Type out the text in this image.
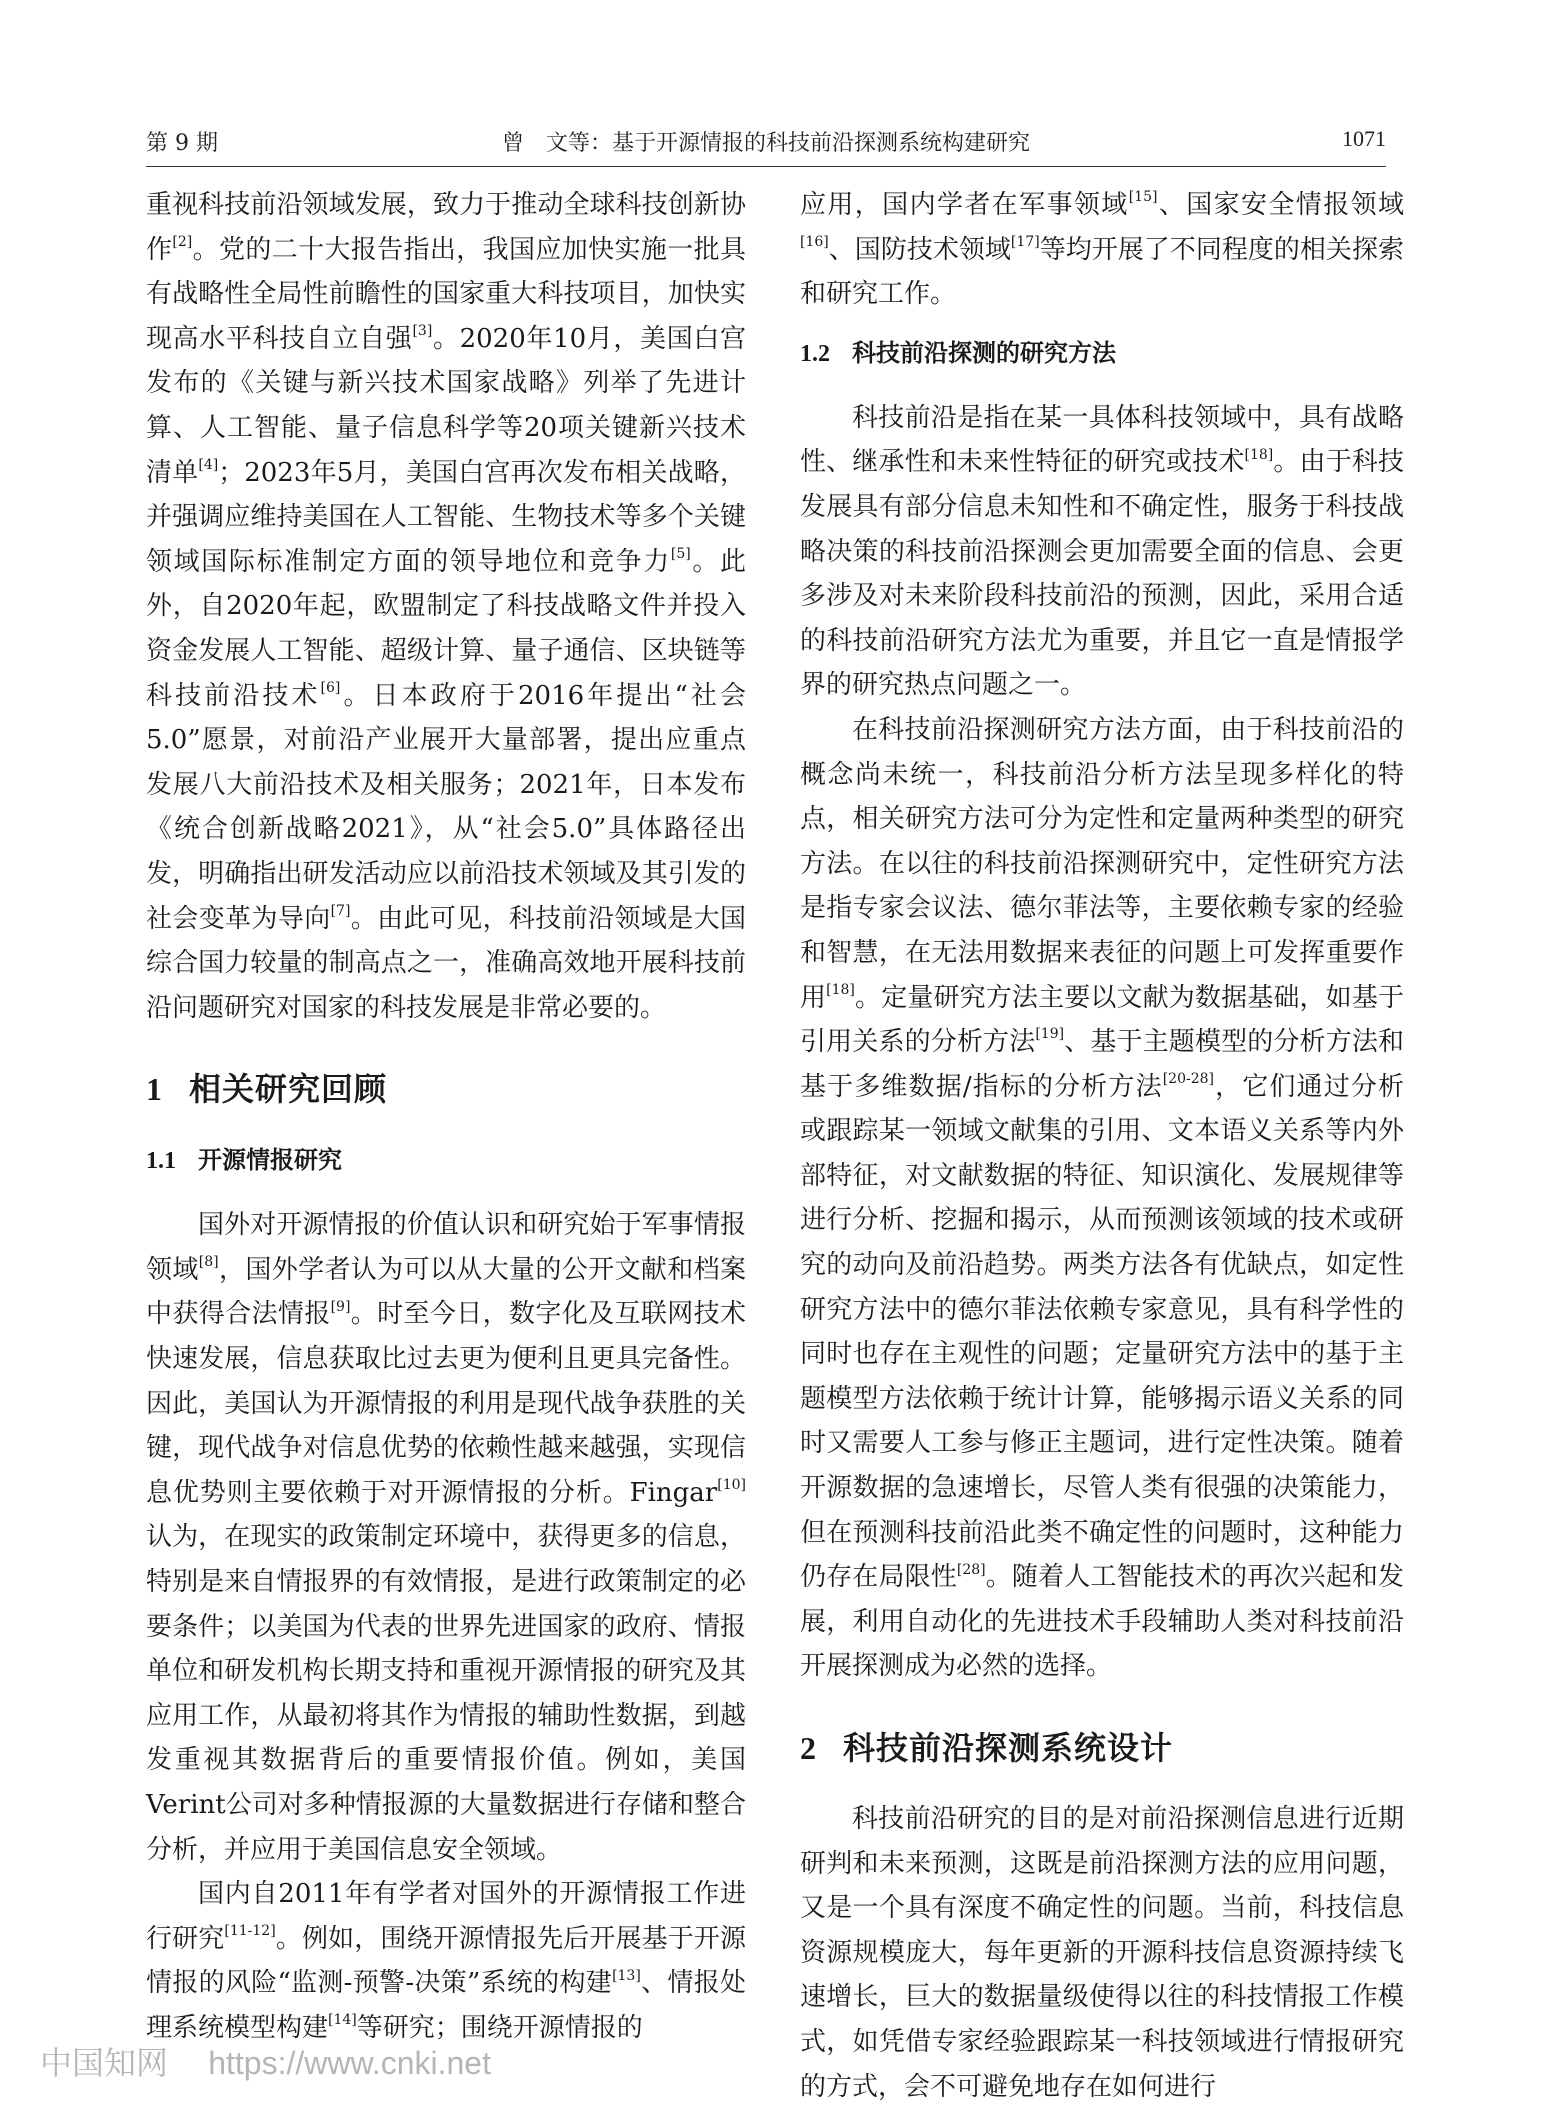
第 9 期	曾　文等：基于开源情报的科技前沿探测系统构建研究	1071

重视科技前沿领域发展，致力于推动全球科技创新协作[2]。党的二十大报告指出，我国应加快实施一批具有战略性全局性前瞻性的国家重大科技项目，加快实现高水平科技自立自强[3]。2020年10月，美国白宫发布的《关键与新兴技术国家战略》列举了先进计算、人工智能、量子信息科学等20项关键新兴技术清单[4]；2023年5月，美国白宫再次发布相关战略，并强调应维持美国在人工智能、生物技术等多个关键领域国际标准制定方面的领导地位和竞争力[5]。此外，自2020年起，欧盟制定了科技战略文件并投入资金发展人工智能、超级计算、量子通信、区块链等科技前沿技术[6]。日本政府于2016年提出“社会5.0”愿景，对前沿产业展开大量部署，提出应重点发展八大前沿技术及相关服务；2021年，日本发布《统合创新战略2021》，从“社会5.0”具体路径出发，明确指出研发活动应以前沿技术领域及其引发的社会变革为导向[7]。由此可见，科技前沿领域是大国综合国力较量的制高点之一，准确高效地开展科技前沿问题研究对国家的科技发展是非常必要的。

1 相关研究回顾
1.1 开源情报研究

国外对开源情报的价值认识和研究始于军事情报领域[8]，国外学者认为可以从大量的公开文献和档案中获得合法情报[9]。时至今日，数字化及互联网技术快速发展，信息获取比过去更为便利且更具完备性。因此，美国认为开源情报的利用是现代战争获胜的关键，现代战争对信息优势的依赖性越来越强，实现信息优势则主要依赖于对开源情报的分析。Fingar[10]认为，在现实的政策制定环境中，获得更多的信息，特别是来自情报界的有效情报，是进行政策制定的必要条件；以美国为代表的世界先进国家的政府、情报单位和研发机构长期支持和重视开源情报的研究及其应用工作，从最初将其作为情报的辅助性数据，到越发重视其数据背后的重要情报价值。例如，美国Verint公司对多种情报源的大量数据进行存储和整合分析，并应用于美国信息安全领域。

国内自2011年有学者对国外的开源情报工作进行研究[11-12]。例如，围绕开源情报先后开展基于开源情报的风险“监测-预警-决策”系统的构建[13]、情报处理系统模型构建[14]等研究；围绕开源情报的

应用，国内学者在军事领域[15]、国家安全情报领域[16]、国防技术领域[17]等均开展了不同程度的相关探索和研究工作。

1.2 科技前沿探测的研究方法

科技前沿是指在某一具体科技领域中，具有战略性、继承性和未来性特征的研究或技术[18]。由于科技发展具有部分信息未知性和不确定性，服务于科技战略决策的科技前沿探测会更加需要全面的信息、会更多涉及对未来阶段科技前沿的预测，因此，采用合适的科技前沿研究方法尤为重要，并且它一直是情报学界的研究热点问题之一。

在科技前沿探测研究方法方面，由于科技前沿的概念尚未统一，科技前沿分析方法呈现多样化的特点，相关研究方法可分为定性和定量两种类型的研究方法。在以往的科技前沿探测研究中，定性研究方法是指专家会议法、德尔菲法等，主要依赖专家的经验和智慧，在无法用数据来表征的问题上可发挥重要作用[18]。定量研究方法主要以文献为数据基础，如基于引用关系的分析方法[19]、基于主题模型的分析方法和基于多维数据/指标的分析方法[20-28]，它们通过分析或跟踪某一领域文献集的引用、文本语义关系等内外部特征，对文献数据的特征、知识演化、发展规律等进行分析、挖掘和揭示，从而预测该领域的技术或研究的动向及前沿趋势。两类方法各有优缺点，如定性研究方法中的德尔菲法依赖专家意见，具有科学性的同时也存在主观性的问题；定量研究方法中的基于主题模型方法依赖于统计计算，能够揭示语义关系的同时又需要人工参与修正主题词，进行定性决策。随着开源数据的急速增长，尽管人类有很强的决策能力，但在预测科技前沿此类不确定性的问题时，这种能力仍存在局限性[28]。随着人工智能技术的再次兴起和发展，利用自动化的先进技术手段辅助人类对科技前沿开展探测成为必然的选择。

2 科技前沿探测系统设计

科技前沿研究的目的是对前沿探测信息进行近期研判和未来预测，这既是前沿探测方法的应用问题，又是一个具有深度不确定性的问题。当前，科技信息资源规模庞大，每年更新的开源科技信息资源持续飞速增长，巨大的数据量级使得以往的科技情报工作模式，如凭借专家经验跟踪某一科技领域进行情报研究的方式，会不可避免地存在如何进行

中国知网 https://www.cnki.net
